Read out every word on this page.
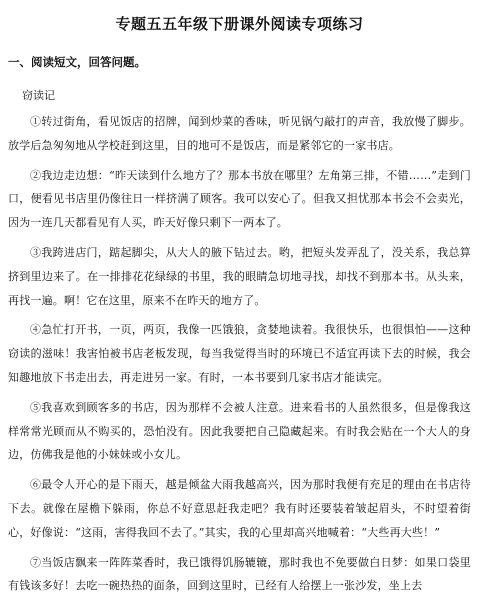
专题五五年级下册课外阅读专项练习

一、阅读短文，回答问题。

窃读记

①转过街角，看见饭店的招牌，闻到炒菜的香味，听见锅勺敲打的声音，我放慢了脚步。放学后急匆匆地从学校赶到这里，目的地可不是饭店，而是紧邻它的一家书店。

②我边走边想：“昨天读到什么地方了？那本书放在哪里？左角第三排，不错……”走到门口，便看见书店里仍像往日一样挤满了顾客。我可以安心了。但我又担忧那本书会不会卖光，因为一连几天都看见有人买，昨天好像只剩下一两本了。

③我跨进店门，踮起脚尖，从大人的腋下钻过去。哟，把短头发弄乱了，没关系，我总算挤到里边来了。在一排排花花绿绿的书里，我的眼睛急切地寻找，却找不到那本书。从头来，再找一遍。啊！它在这里，原来不在昨天的地方了。

④急忙打开书，一页，两页，我像一匹饿狼，贪婪地读着。我很快乐，也很惧怕——这种窃读的滋味！我害怕被书店老板发现，每当我觉得当时的环境已不适宜再读下去的时候，我会知趣地放下书走出去，再走进另一家。有时，一本书要到几家书店才能读完。

⑤我喜欢到顾客多的书店，因为那样不会被人注意。进来看书的人虽然很多，但是像我这样常常光顾而从不购买的，恐怕没有。因此我要把自己隐藏起来。有时我会贴在一个大人的身边，仿佛我是他的小妹妹或小女儿。

⑥最令人开心的是下雨天，越是倾盆大雨我越高兴，因为那时我便有充足的理由在书店待下去。就像在屋檐下躲雨，你总不好意思赶我走吧？我有时还要装着皱起眉头，不时望着街心，好像说：“这雨，害得我回不去了。”其实，我的心里却高兴地喊着：“大些再大些！”

⑦当饭店飘来一阵阵菜香时，我已饿得饥肠辘辘，那时我也不免要做白日梦：如果口袋里有钱该多好！去吃一碗热热的面条，回到这里时，已经有人给摆上一张沙发，坐上去
